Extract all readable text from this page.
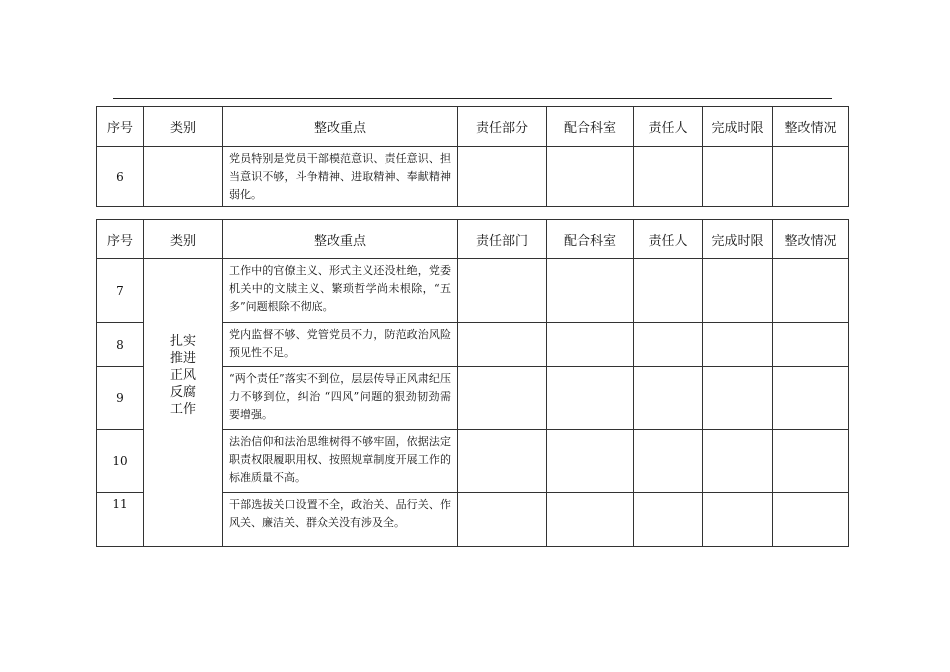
序号	类别	整改重点	责任部分	配合科室	责任人	完成时限	整改情况
6		党员特别是党员干部模范意识、责任意识、担当意识不够，斗争精神、进取精神、奉献精神弱化。					
序号	类别	整改重点	责任部门	配合科室	责任人	完成时限	整改情况
7	扎实推进正风反腐工作	工作中的官僚主义、形式主义还没杜绝，党委机关中的文牍主义、繁琐哲学尚未根除，“五多”问题根除不彻底。					
8		党内监督不够、党管党员不力，防范政治风险预见性不足。					
9		“两个责任”落实不到位，层层传导正风肃纪压力不够到位，纠治 “四风”问题的狠劲韧劲需要增强。					
10		法治信仰和法治思维树得不够牢固，依据法定职责权限履职用权、按照规章制度开展工作的标准质量不高。					
11		干部选拔关口设置不全，政治关、品行关、作风关、廉洁关、群众关没有涉及全。					
